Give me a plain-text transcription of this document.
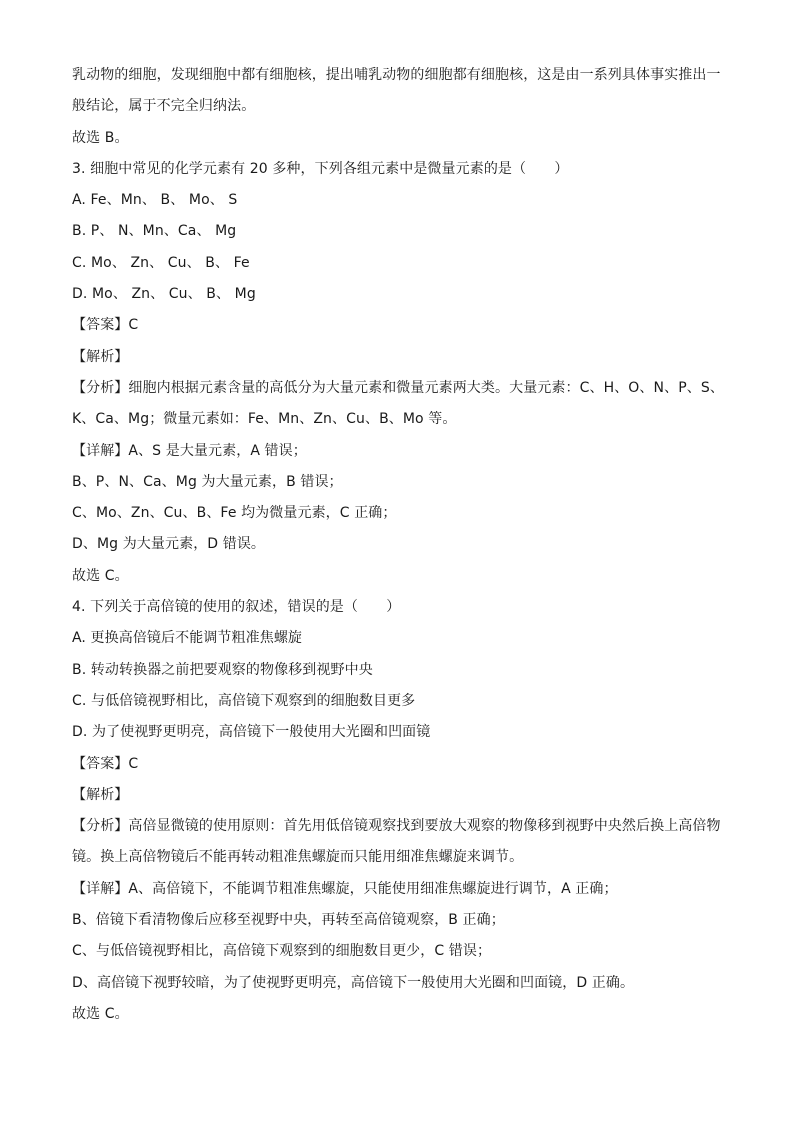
乳动物的细胞，发现细胞中都有细胞核，提出哺乳动物的细胞都有细胞核，这是由一系列具体事实推出一
般结论，属于不完全归纳法。
故选 B。
3. 细胞中常见的化学元素有 20 多种，下列各组元素中是微量元素的是（　　）
A. Fe、Mn、 B、 Mo、 S
B. P、 N、Mn、Ca、 Mg
C. Mo、 Zn、 Cu、 B、 Fe
D. Mo、 Zn、 Cu、 B、 Mg
【答案】C
【解析】
【分析】细胞内根据元素含量的高低分为大量元素和微量元素两大类。大量元素：C、H、O、N、P、S、
K、Ca、Mg；微量元素如：Fe、Mn、Zn、Cu、B、Mo 等。
【详解】A、S 是大量元素，A 错误；
B、P、N、Ca、Mg 为大量元素，B 错误；
C、Mo、Zn、Cu、B、Fe 均为微量元素，C 正确；
D、Mg 为大量元素，D 错误。
故选 C。
4. 下列关于高倍镜的使用的叙述，错误的是（　　）
A. 更换高倍镜后不能调节粗准焦螺旋
B. 转动转换器之前把要观察的物像移到视野中央
C. 与低倍镜视野相比，高倍镜下观察到的细胞数目更多
D. 为了使视野更明亮，高倍镜下一般使用大光圈和凹面镜
【答案】C
【解析】
【分析】高倍显微镜的使用原则：首先用低倍镜观察找到要放大观察的物像移到视野中央然后换上高倍物
镜。换上高倍物镜后不能再转动粗准焦螺旋而只能用细准焦螺旋来调节。
【详解】A、高倍镜下，不能调节粗准焦螺旋，只能使用细准焦螺旋进行调节，A 正确；
B、倍镜下看清物像后应移至视野中央，再转至高倍镜观察，B 正确；
C、与低倍镜视野相比，高倍镜下观察到的细胞数目更少，C 错误；
D、高倍镜下视野较暗，为了使视野更明亮，高倍镜下一般使用大光圈和凹面镜，D 正确。
故选 C。
